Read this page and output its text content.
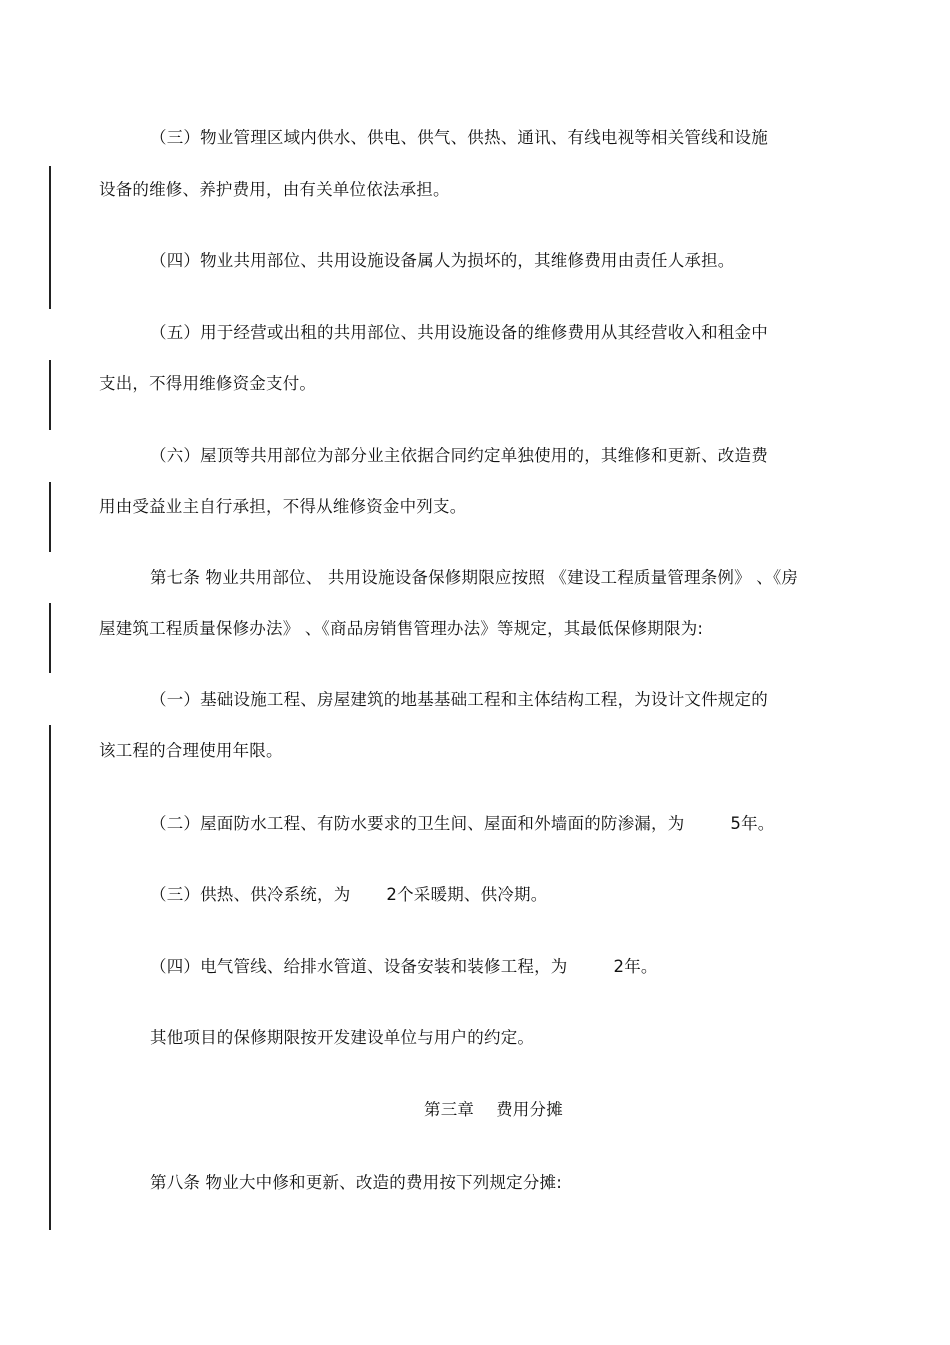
（三）物业管理区域内供水、供电、供气、供热、通讯、有线电视等相关管线和设施
设备的维修、养护费用，由有关单位依法承担。
（四）物业共用部位、共用设施设备属人为损坏的，其维修费用由责任人承担。
（五）用于经营或出租的共用部位、共用设施设备的维修费用从其经营收入和租金中
支出，不得用维修资金支付。
（六）屋顶等共用部位为部分业主依据合同约定单独使用的，其维修和更新、改造费
用由受益业主自行承担，不得从维修资金中列支。
第七条 物业共用部位、 共用设施设备保修期限应按照 《建设工程质量管理条例》 、《房
屋建筑工程质量保修办法》 、《商品房销售管理办法》等规定，其最低保修期限为:
（一）基础设施工程、房屋建筑的地基基础工程和主体结构工程，为设计文件规定的
该工程的合理使用年限。
（二）屋面防水工程、有防水要求的卫生间、屋面和外墙面的防渗漏，为	5年。
（三）供热、供冷系统，为 2个采暖期、供冷期。
（四）电气管线、给排水管道、设备安装和装修工程，为	2年。
其他项目的保修期限按开发建设单位与用户的约定。
第三章 费用分摊
第八条 物业大中修和更新、改造的费用按下列规定分摊:
